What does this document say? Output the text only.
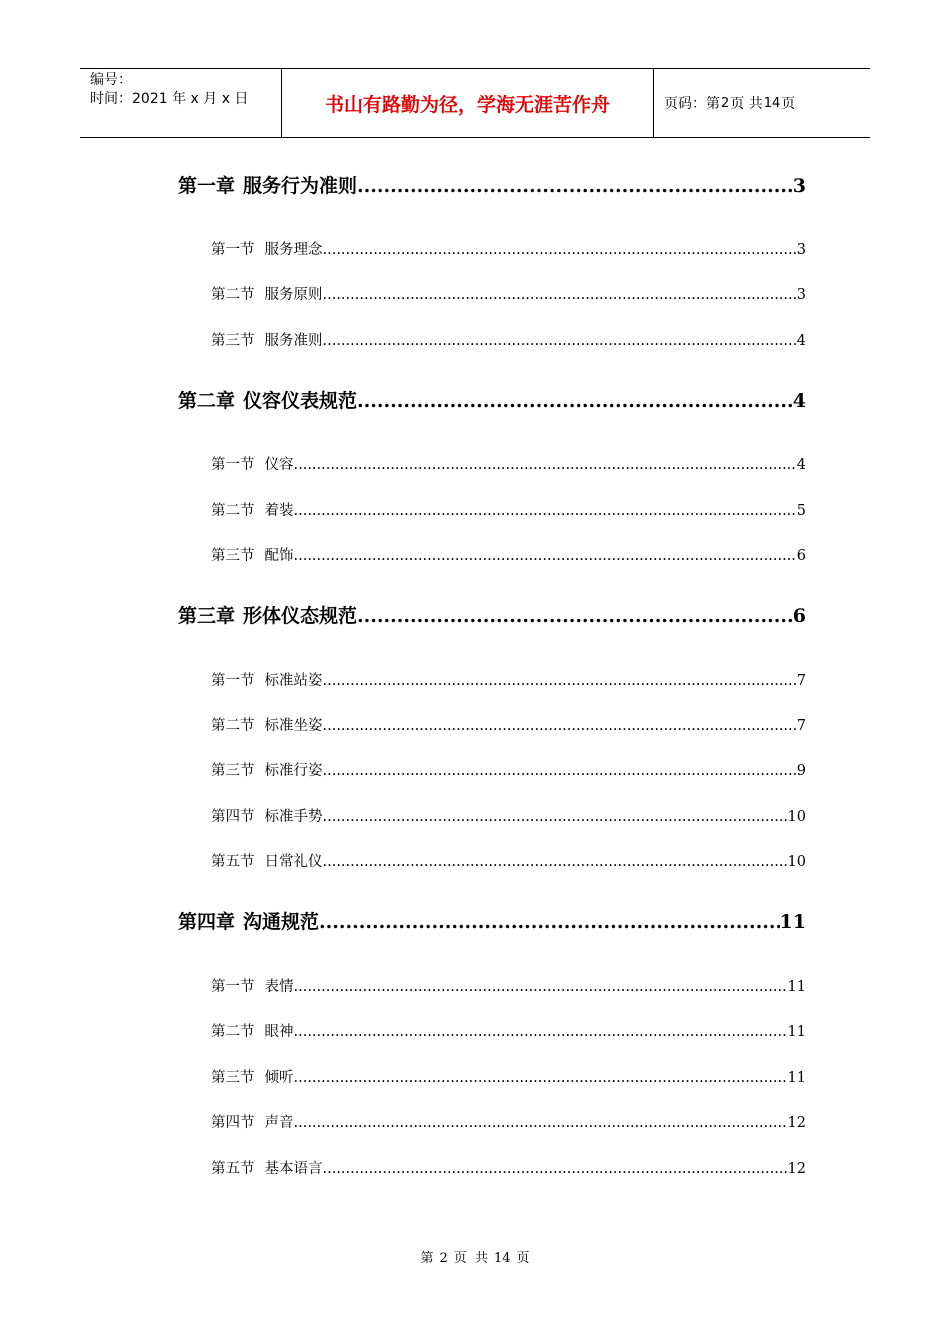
编号：
时间：2021 年 x 月 x 日	书山有路勤为径，学海无涯苦作舟	页码：第 2 页 共 14 页
第一章 服务行为准则 .....	3
第一节 服务理念 .....	3
第二节 服务原则 .....	3
第三节 服务准则 .....	4
第二章 仪容仪表规范 .....	4
第一节 仪容 .....	4
第二节 着装 .....	5
第三节 配饰 .....	6
第三章 形体仪态规范 .....	6
第一节 标准站姿 .....	7
第二节 标准坐姿 .....	7
第三节 标准行姿 .....	9
第四节 标准手势 .....	10
第五节 日常礼仪 .....	10
第四章 沟通规范 .....	11
第一节 表情 .....	11
第二节 眼神 .....	11
第三节 倾听 .....	11
第四节 声音 .....	12
第五节 基本语言 .....	12
第 2 页 共 14 页
